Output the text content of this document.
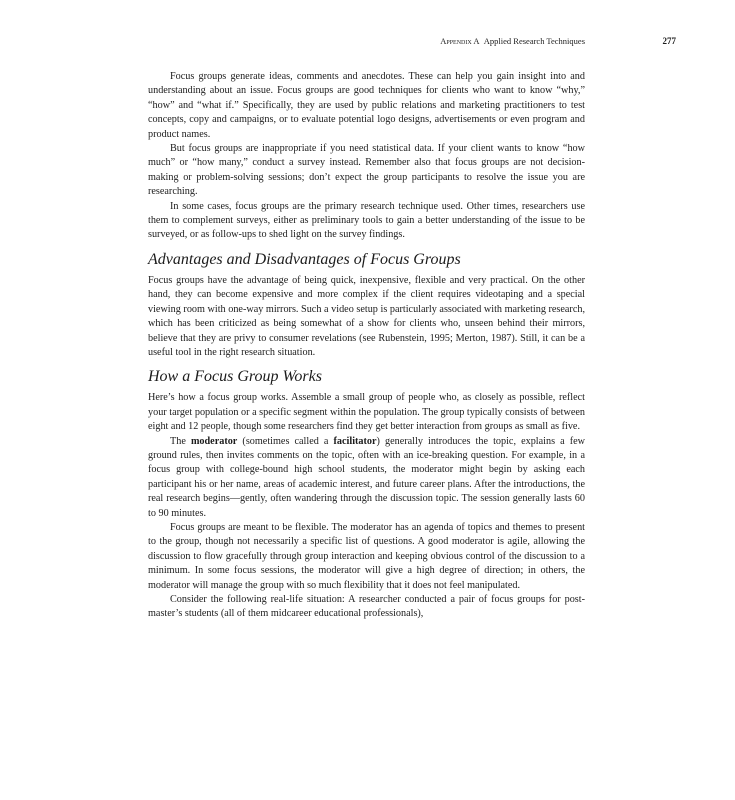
Appendix A Applied Research Techniques	277

Focus groups generate ideas, comments and anecdotes. These can help you gain insight into and understanding about an issue. Focus groups are good techniques for clients who want to know “why,” “how” and “what if.” Specifically, they are used by public relations and marketing practitioners to test concepts, copy and campaigns, or to evaluate potential logo designs, advertisements or even program and product names.

But focus groups are inappropriate if you need statistical data. If your client wants to know “how much” or “how many,” conduct a survey instead. Remember also that focus groups are not decision-making or problem-solving sessions; don’t expect the group participants to resolve the issue you are researching.

In some cases, focus groups are the primary research technique used. Other times, researchers use them to complement surveys, either as preliminary tools to gain a better understanding of the issue to be surveyed, or as follow-ups to shed light on the survey findings.

Advantages and Disadvantages of Focus Groups

Focus groups have the advantage of being quick, inexpensive, flexible and very practical. On the other hand, they can become expensive and more complex if the client requires videotaping and a special viewing room with one-way mirrors. Such a video setup is particularly associated with marketing research, which has been criticized as being somewhat of a show for clients who, unseen behind their mirrors, believe that they are privy to consumer revelations (see Rubenstein, 1995; Merton, 1987). Still, it can be a useful tool in the right research situation.

How a Focus Group Works

Here’s how a focus group works. Assemble a small group of people who, as closely as possible, reflect your target population or a specific segment within the population. The group typically consists of between eight and 12 people, though some researchers find they get better interaction from groups as small as five.

The moderator (sometimes called a facilitator) generally introduces the topic, explains a few ground rules, then invites comments on the topic, often with an ice-breaking question. For example, in a focus group with college-bound high school students, the moderator might begin by asking each participant his or her name, areas of academic interest, and future career plans. After the introductions, the real research begins—gently, often wandering through the discussion topic. The session generally lasts 60 to 90 minutes.

Focus groups are meant to be flexible. The moderator has an agenda of topics and themes to present to the group, though not necessarily a specific list of questions. A good moderator is agile, allowing the discussion to flow gracefully through group interaction and keeping obvious control of the discussion to a minimum. In some focus sessions, the moderator will give a high degree of direction; in others, the moderator will manage the group with so much flexibility that it does not feel manipulated.

Consider the following real-life situation: A researcher conducted a pair of focus groups for post-master’s students (all of them midcareer educational professionals),
